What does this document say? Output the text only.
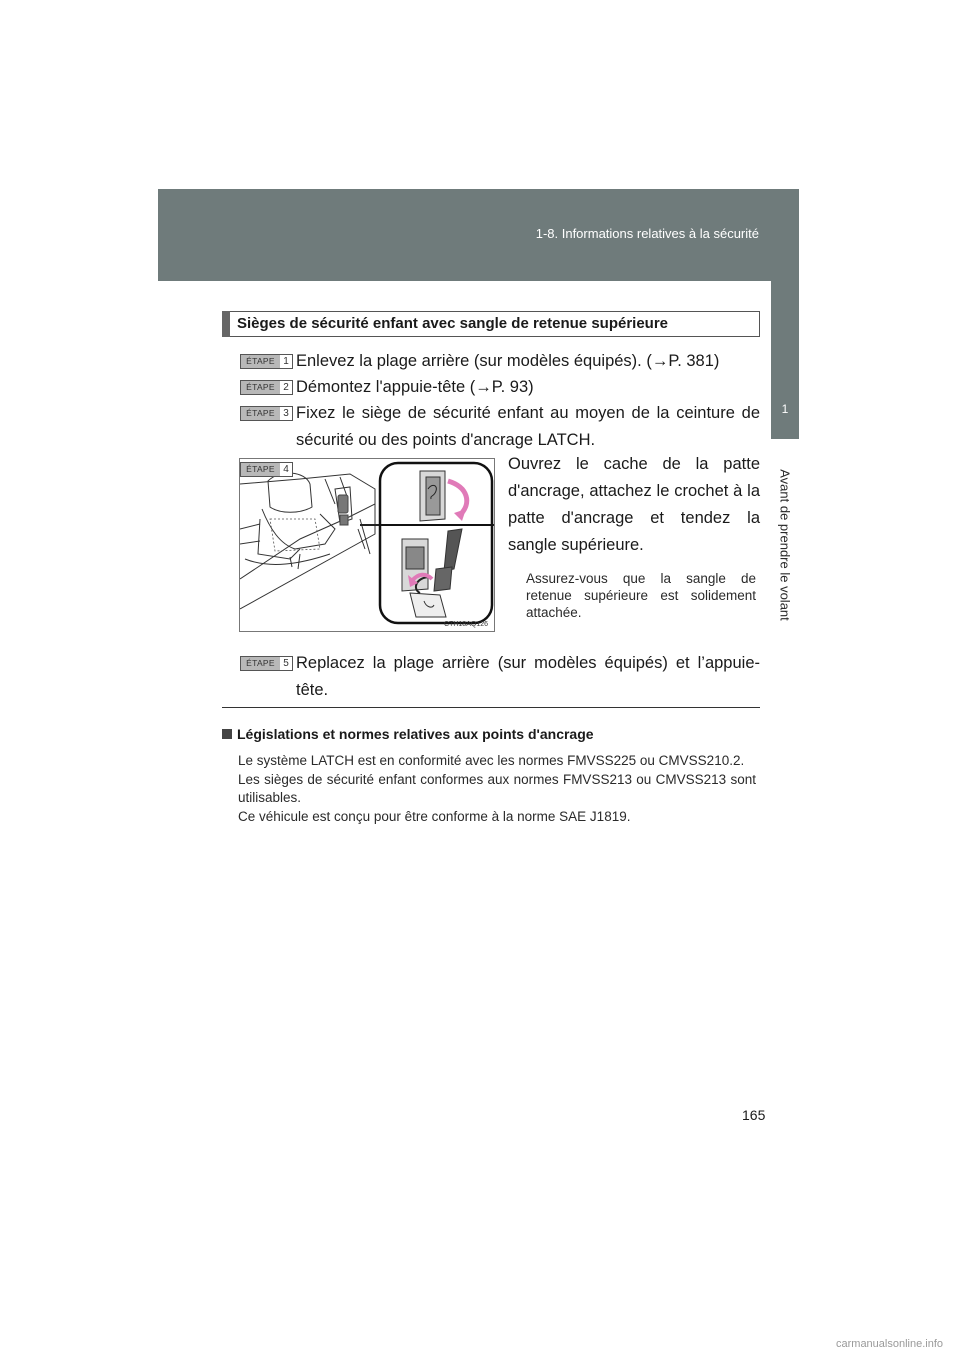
1-8. Informations relatives à la sécurité
1
Avant de prendre le volant
Sièges de sécurité enfant avec sangle de retenue supérieure
ÉTAPE 1 Enlevez la plage arrière (sur modèles équipés). (→P. 381)
ÉTAPE 2 Démontez l'appuie-tête (→P. 93)
ÉTAPE 3 Fixez le siège de sécurité enfant au moyen de la ceinture de sécurité ou des points d'ancrage LATCH.
CTH18AQ126
ÉTAPE 4	Ouvrez le cache de la patte d'ancrage, attachez le crochet à la patte d'ancrage et tendez la sangle supérieure.
Assurez-vous que la sangle de retenue supérieure est solidement attachée.
ÉTAPE 5 Replacez la plage arrière (sur modèles équipés) et l’appuie-tête.
Législations et normes relatives aux points d'ancrage

Le système LATCH est en conformité avec les normes FMVSS225 ou CMVSS210.2.

Les sièges de sécurité enfant conformes aux normes FMVSS213 ou CMVSS213 sont utilisables.

Ce véhicule est conçu pour être conforme à la norme SAE J1819.

165
carmanualsonline.info
